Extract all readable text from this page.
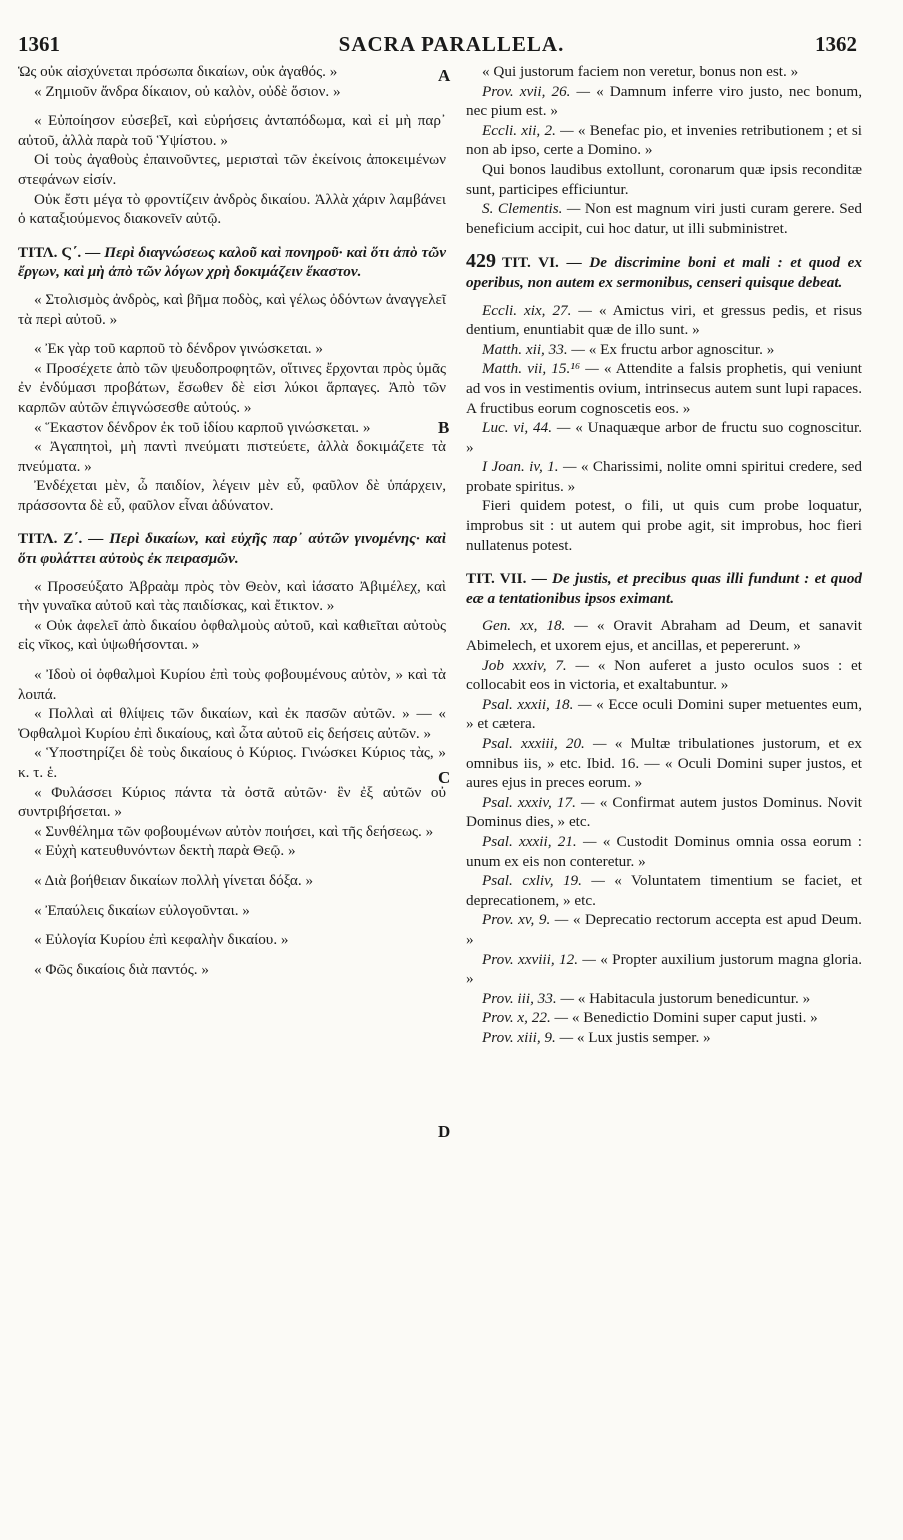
1361	SACRA PARALLELA.	1362
A
B
C
D

Ὡς οὐκ αἰσχύνεται πρόσωπα δικαίων, οὐκ ἀγαθός. »

« Ζημιοῦν ἄνδρα δίκαιον, οὐ καλὸν, οὐδὲ ὅσιον. »

« Εὐποίησον εὐσεβεῖ, καὶ εὑρήσεις ἀνταπόδωμα, καὶ εἰ μὴ παρ᾽ αὐτοῦ, ἀλλὰ παρὰ τοῦ Ὑψίστου. »

Οἱ τοὺς ἀγαθοὺς ἐπαινοῦντες, μερισταὶ τῶν ἐκείνοις ἀποκειμένων στεφάνων εἰσίν.

Οὐκ ἔστι μέγα τὸ φροντίζειν ἀνδρὸς δικαίου. Ἀλλὰ χάριν λαμβάνει ὁ καταξιούμενος διακονεῖν αὐτῷ.

ΤΙΤΛ. Ϛ΄. — Περὶ διαγνώσεως καλοῦ καὶ πονηροῦ· καὶ ὅτι ἀπὸ τῶν ἔργων, καὶ μὴ ἀπὸ τῶν λόγων χρὴ δοκιμάζειν ἕκαστον.

« Στολισμὸς ἀνδρὸς, καὶ βῆμα ποδὸς, καὶ γέλως ὀδόντων ἀναγγελεῖ τὰ περὶ αὐτοῦ. »

« Ἐκ γὰρ τοῦ καρποῦ τὸ δένδρον γινώσκεται. »

« Προσέχετε ἀπὸ τῶν ψευδοπροφητῶν, οἵτινες ἔρχονται πρὸς ὑμᾶς ἐν ἐνδύμασι προβάτων, ἔσωθεν δὲ εἰσι λύκοι ἅρπαγες. Ἀπὸ τῶν καρπῶν αὐτῶν ἐπιγνώσεσθε αὐτούς. »

« Ἕκαστον δένδρον ἐκ τοῦ ἰδίου καρποῦ γινώσκεται. »

« Ἀγαπητοὶ, μὴ παντὶ πνεύματι πιστεύετε, ἀλλὰ δοκιμάζετε τὰ πνεύματα. »

Ἐνδέχεται μὲν, ὦ παιδίον, λέγειν μὲν εὖ, φαῦλον δὲ ὑπάρχειν, πράσσοντα δὲ εὖ, φαῦλον εἶναι ἀδύνατον.

ΤΙΤΛ. Ζ΄. — Περὶ δικαίων, καὶ εὐχῆς παρ᾽ αὐτῶν γινομένης· καὶ ὅτι φυλάττει αὐτοὺς ἐκ πειρασμῶν.

« Προσεύξατο Ἀβραὰμ πρὸς τὸν Θεὸν, καὶ ἰάσατο Ἀβιμέλεχ, καὶ τὴν γυναῖκα αὐτοῦ καὶ τὰς παιδίσκας, καὶ ἔτικτον. »

« Οὐκ ἀφελεῖ ἀπὸ δικαίου ὀφθαλμοὺς αὐτοῦ, καὶ καθιεῖται αὐτοὺς εἰς νῖκος, καὶ ὑψωθήσονται. »

« Ἰδοὺ οἱ ὀφθαλμοὶ Κυρίου ἐπὶ τοὺς φοβουμένους αὐτὸν, » καὶ τὰ λοιπά.

« Πολλαὶ αἱ θλίψεις τῶν δικαίων, καὶ ἐκ πασῶν αὐτῶν. » — « Ὀφθαλμοὶ Κυρίου ἐπὶ δικαίους, καὶ ὦτα αὐτοῦ εἰς δεήσεις αὐτῶν. »

« Ὑποστηρίζει δὲ τοὺς δικαίους ὁ Κύριος. Γινώσκει Κύριος τὰς, » κ. τ. ἑ.

« Φυλάσσει Κύριος πάντα τὰ ὀστᾶ αὐτῶν· ἓν ἐξ αὐτῶν οὐ συντριβήσεται. »

« Συνθέλημα τῶν φοβουμένων αὐτὸν ποιήσει, καὶ τῆς δεήσεως. »

« Εὐχὴ κατευθυνόντων δεκτὴ παρὰ Θεῷ. »

« Διὰ βοήθειαν δικαίων πολλὴ γίνεται δόξα. »

« Ἐπαύλεις δικαίων εὐλογοῦνται. »

« Εὐλογία Κυρίου ἐπὶ κεφαλὴν δικαίου. »

« Φῶς δικαίοις διὰ παντός. »

« Qui justorum faciem non veretur, bonus non est. »

Prov. xvii, 26. — « Damnum inferre viro justo, nec bonum, nec pium est. »

Eccli. xii, 2. — « Benefac pio, et invenies retributionem ; et si non ab ipso, certe a Domino. »

Qui bonos laudibus extollunt, coronarum quæ ipsis reconditæ sunt, participes efficiuntur.

S. Clementis. — Non est magnum viri justi curam gerere. Sed beneficium accipit, cui hoc datur, ut illi subministret.

429 TIT. VI. — De discrimine boni et mali : et quod ex operibus, non autem ex sermonibus, censeri quisque debeat.

Eccli. xix, 27. — « Amictus viri, et gressus pedis, et risus dentium, enuntiabit quæ de illo sunt. »

Matth. xii, 33. — « Ex fructu arbor agnoscitur. »

Matth. vii, 15.¹⁶ — « Attendite a falsis prophetis, qui veniunt ad vos in vestimentis ovium, intrinsecus autem sunt lupi rapaces. A fructibus eorum cognoscetis eos. »

Luc. vi, 44. — « Unaquæque arbor de fructu suo cognoscitur. »

I Joan. iv, 1. — « Charissimi, nolite omni spiritui credere, sed probate spiritus. »

Fieri quidem potest, o fili, ut quis cum probe loquatur, improbus sit : ut autem qui probe agit, sit improbus, hoc fieri nullatenus potest.

TIT. VII. — De justis, et precibus quas illi fundunt : et quod eæ a tentationibus ipsos eximant.

Gen. xx, 18. — « Oravit Abraham ad Deum, et sanavit Abimelech, et uxorem ejus, et ancillas, et pepererunt. »

Job xxxiv, 7. — « Non auferet a justo oculos suos : et collocabit eos in victoria, et exaltabuntur. »

Psal. xxxii, 18. — « Ecce oculi Domini super metuentes eum, » et cætera.

Psal. xxxiii, 20. — « Multæ tribulationes justorum, et ex omnibus iis, » etc. Ibid. 16. — « Oculi Domini super justos, et aures ejus in preces eorum. »

Psal. xxxiv, 17. — « Confirmat autem justos Dominus. Novit Dominus dies, » etc.

Psal. xxxii, 21. — « Custodit Dominus omnia ossa eorum : unum ex eis non conteretur. »

Psal. cxliv, 19. — « Voluntatem timentium se faciet, et deprecationem, » etc.

Prov. xv, 9. — « Deprecatio rectorum accepta est apud Deum. »

Prov. xxviii, 12. — « Propter auxilium justorum magna gloria. »

Prov. iii, 33. — « Habitacula justorum benedicuntur. »

Prov. x, 22. — « Benedictio Domini super caput justi. »

Prov. xiii, 9. — « Lux justis semper. »
